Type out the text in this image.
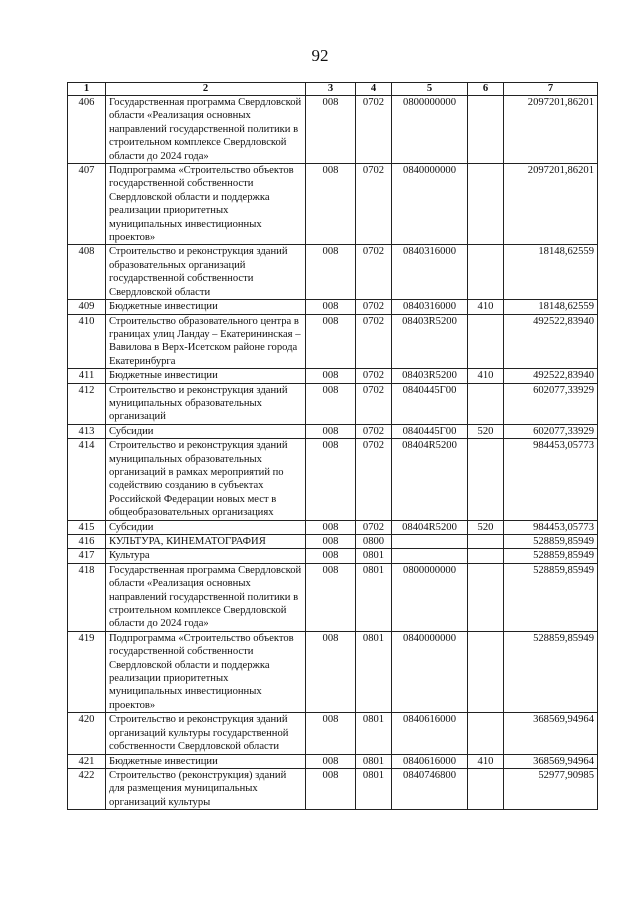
92
1	2	3	4	5	6	7
406	Государственная программа Свердловской области «Реализация основных направлений государственной политики в строительном комплексе Свердловской области до 2024 года»	008	0702	0800000000		2097201,86201
407	Подпрограмма «Строительство объектов государственной собственности Свердловской области и поддержка реализации приоритетных муниципальных инвестиционных проектов»	008	0702	0840000000		2097201,86201
408	Строительство и реконструкция зданий образовательных организаций государственной собственности Свердловской области	008	0702	0840316000		18148,62559
409	Бюджетные инвестиции	008	0702	0840316000	410	18148,62559
410	Строительство образовательного центра в границах улиц Ландау – Екатерининская – Вавилова в Верх-Исетском районе города Екатеринбурга	008	0702	08403R5200		492522,83940
411	Бюджетные инвестиции	008	0702	08403R5200	410	492522,83940
412	Строительство и реконструкция зданий муниципальных образовательных организаций	008	0702	0840445Г00		602077,33929
413	Субсидии	008	0702	0840445Г00	520	602077,33929
414	Строительство и реконструкция зданий муниципальных образовательных организаций в рамках мероприятий по содействию созданию в субъектах Российской Федерации новых мест в общеобразовательных организациях	008	0702	08404R5200		984453,05773
415	Субсидии	008	0702	08404R5200	520	984453,05773
416	КУЛЬТУРА, КИНЕМАТОГРАФИЯ	008	0800			528859,85949
417	Культура	008	0801			528859,85949
418	Государственная программа Свердловской области «Реализация основных направлений государственной политики в строительном комплексе Свердловской области до 2024 года»	008	0801	0800000000		528859,85949
419	Подпрограмма «Строительство объектов государственной собственности Свердловской области и поддержка реализации приоритетных муниципальных инвестиционных проектов»	008	0801	0840000000		528859,85949
420	Строительство и реконструкция зданий организаций культуры государственной собственности Свердловской области	008	0801	0840616000		368569,94964
421	Бюджетные инвестиции	008	0801	0840616000	410	368569,94964
422	Строительство (реконструкция) зданий для размещения муниципальных организаций культуры	008	0801	0840746800		52977,90985
